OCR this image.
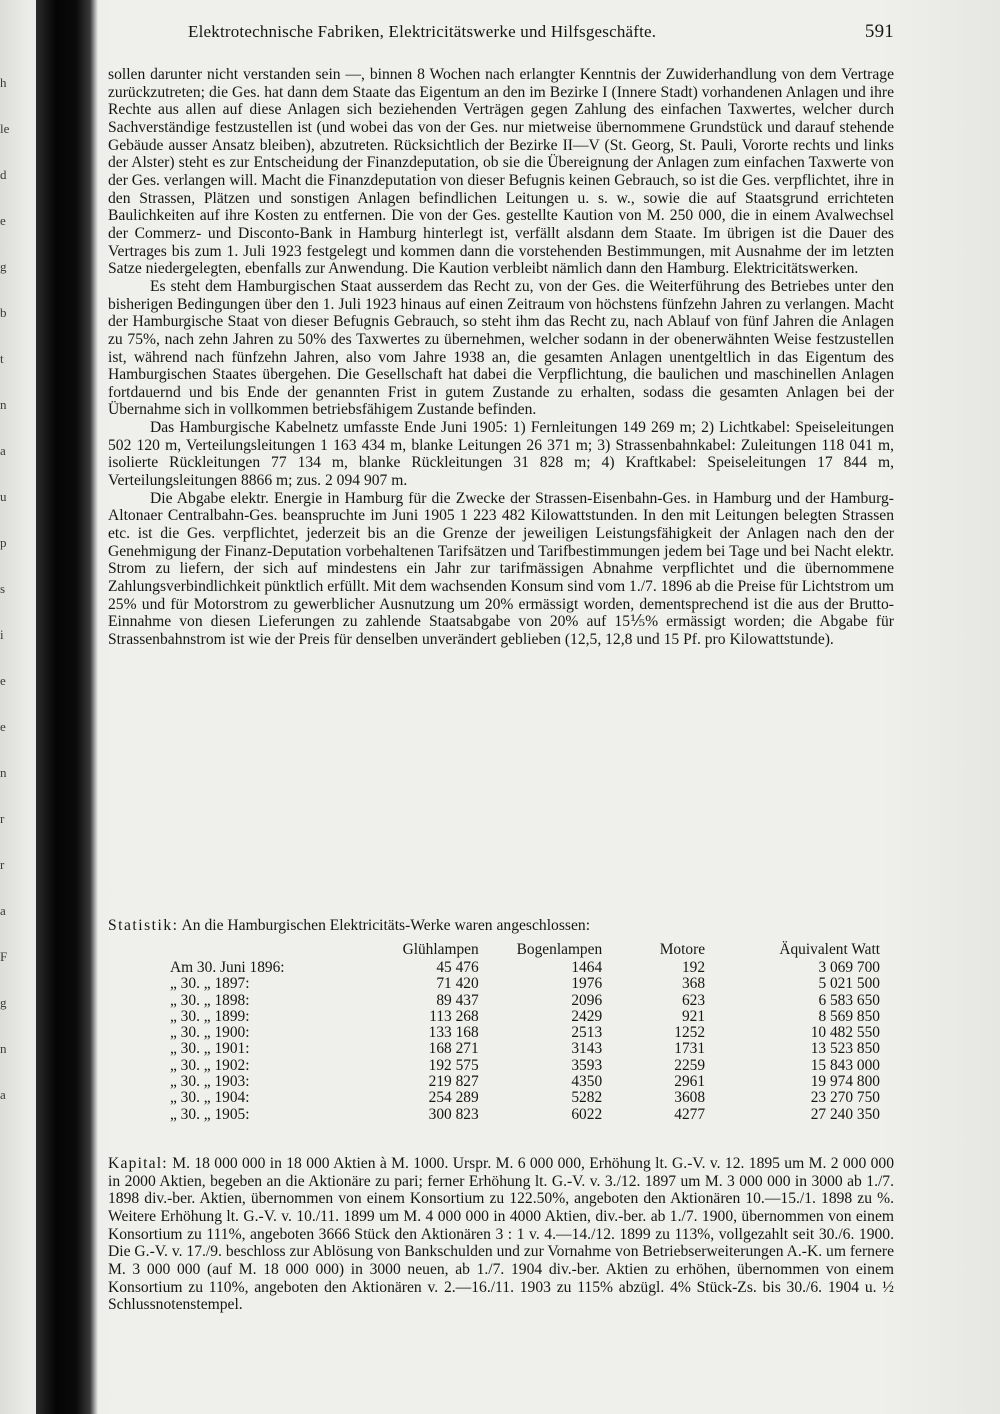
h
le
d
e
g
b
t
n
a
u
p
s
i
e
e
n
r
r
a
F
g
n
a
Elektrotechnische Fabriken, Elektricitätswerke und Hilfsgeschäfte.	591

sollen darunter nicht verstanden sein —, binnen 8 Wochen nach erlangter Kenntnis der Zuwiderhandlung von dem Vertrage zurückzutreten; die Ges. hat dann dem Staate das Eigentum an den im Bezirke I (Innere Stadt) vorhandenen Anlagen und ihre Rechte aus allen auf diese Anlagen sich beziehenden Verträgen gegen Zahlung des einfachen Taxwertes, welcher durch Sachverständige festzustellen ist (und wobei das von der Ges. nur mietweise übernommene Grundstück und darauf stehende Gebäude ausser Ansatz bleiben), abzutreten. Rücksichtlich der Bezirke II—V (St. Georg, St. Pauli, Vororte rechts und links der Alster) steht es zur Entscheidung der Finanzdeputation, ob sie die Übereignung der Anlagen zum einfachen Taxwerte von der Ges. verlangen will. Macht die Finanzdeputation von dieser Befugnis keinen Gebrauch, so ist die Ges. verpflichtet, ihre in den Strassen, Plätzen und sonstigen Anlagen befindlichen Leitungen u. s. w., sowie die auf Staatsgrund errichteten Baulichkeiten auf ihre Kosten zu entfernen. Die von der Ges. gestellte Kaution von M. 250 000, die in einem Avalwechsel der Commerz- und Disconto-Bank in Hamburg hinterlegt ist, verfällt alsdann dem Staate. Im übrigen ist die Dauer des Vertrages bis zum 1. Juli 1923 festgelegt und kommen dann die vorstehenden Bestimmungen, mit Ausnahme der im letzten Satze niedergelegten, ebenfalls zur Anwendung. Die Kaution verbleibt nämlich dann den Hamburg. Elektricitätswerken.

Es steht dem Hamburgischen Staat ausserdem das Recht zu, von der Ges. die Weiterführung des Betriebes unter den bisherigen Bedingungen über den 1. Juli 1923 hinaus auf einen Zeitraum von höchstens fünfzehn Jahren zu verlangen. Macht der Hamburgische Staat von dieser Befugnis Gebrauch, so steht ihm das Recht zu, nach Ablauf von fünf Jahren die Anlagen zu 75%, nach zehn Jahren zu 50% des Taxwertes zu übernehmen, welcher sodann in der obenerwähnten Weise festzustellen ist, während nach fünfzehn Jahren, also vom Jahre 1938 an, die gesamten Anlagen unentgeltlich in das Eigentum des Hamburgischen Staates übergehen. Die Gesellschaft hat dabei die Verpflichtung, die baulichen und maschinellen Anlagen fortdauernd und bis Ende der genannten Frist in gutem Zustande zu erhalten, sodass die gesamten Anlagen bei der Übernahme sich in vollkommen betriebsfähigem Zustande befinden.

Das Hamburgische Kabelnetz umfasste Ende Juni 1905: 1) Fernleitungen 149 269 m; 2) Lichtkabel: Speiseleitungen 502 120 m, Verteilungsleitungen 1 163 434 m, blanke Leitungen 26 371 m; 3) Strassenbahnkabel: Zuleitungen 118 041 m, isolierte Rückleitungen 77 134 m, blanke Rückleitungen 31 828 m; 4) Kraftkabel: Speiseleitungen 17 844 m, Verteilungsleitungen 8866 m; zus. 2 094 907 m.

Die Abgabe elektr. Energie in Hamburg für die Zwecke der Strassen-Eisenbahn-Ges. in Hamburg und der Hamburg-Altonaer Centralbahn-Ges. beanspruchte im Juni 1905 1 223 482 Kilowattstunden. In den mit Leitungen belegten Strassen etc. ist die Ges. verpflichtet, jederzeit bis an die Grenze der jeweiligen Leistungsfähigkeit der Anlagen nach den der Genehmigung der Finanz-Deputation vorbehaltenen Tarifsätzen und Tarifbestimmungen jedem bei Tage und bei Nacht elektr. Strom zu liefern, der sich auf mindestens ein Jahr zur tarifmässigen Abnahme verpflichtet und die übernommene Zahlungsverbindlichkeit pünktlich erfüllt. Mit dem wachsenden Konsum sind vom 1./7. 1896 ab die Preise für Lichtstrom um 25% und für Motorstrom zu gewerblicher Ausnutzung um 20% ermässigt worden, dementsprechend ist die aus der Brutto-Einnahme von diesen Lieferungen zu zahlende Staatsabgabe von 20% auf 15⅕% ermässigt worden; die Abgabe für Strassenbahnstrom ist wie der Preis für denselben unverändert geblieben (12,5, 12,8 und 15 Pf. pro Kilowattstunde).

Statistik: An die Hamburgischen Elektricitäts-Werke waren angeschlossen:
	Glühlampen	Bogenlampen	Motore	Äquivalent Watt
Am 30. Juni 1896:	45 476	1464	192	3 069 700
„ 30. „ 1897:	71 420	1976	368	5 021 500
„ 30. „ 1898:	89 437	2096	623	6 583 650
„ 30. „ 1899:	113 268	2429	921	8 569 850
„ 30. „ 1900:	133 168	2513	1252	10 482 550
„ 30. „ 1901:	168 271	3143	1731	13 523 850
„ 30. „ 1902:	192 575	3593	2259	15 843 000
„ 30. „ 1903:	219 827	4350	2961	19 974 800
„ 30. „ 1904:	254 289	5282	3608	23 270 750
„ 30. „ 1905:	300 823	6022	4277	27 240 350
Kapital: M. 18 000 000 in 18 000 Aktien à M. 1000. Urspr. M. 6 000 000, Erhöhung lt. G.-V. v. 12. 1895 um M. 2 000 000 in 2000 Aktien, begeben an die Aktionäre zu pari; ferner Erhöhung lt. G.-V. v. 3./12. 1897 um M. 3 000 000 in 3000 ab 1./7. 1898 div.-ber. Aktien, übernommen von einem Konsortium zu 122.50%, angeboten den Aktionären 10.—15./1. 1898 zu %. Weitere Erhöhung lt. G.-V. v. 10./11. 1899 um M. 4 000 000 in 4000 Aktien, div.-ber. ab 1./7. 1900, übernommen von einem Konsortium zu 111%, angeboten 3666 Stück den Aktionären 3 : 1 v. 4.—14./12. 1899 zu 113%, vollgezahlt seit 30./6. 1900. Die G.-V. v. 17./9. beschloss zur Ablösung von Bankschulden und zur Vornahme von Betriebserweiterungen A.-K. um fernere M. 3 000 000 (auf M. 18 000 000) in 3000 neuen, ab 1./7. 1904 div.-ber. Aktien zu erhöhen, übernommen von einem Konsortium zu 110%, angeboten den Aktionären v. 2.—16./11. 1903 zu 115% abzügl. 4% Stück-Zs. bis 30./6. 1904 u. ½ Schlussnotenstempel.
